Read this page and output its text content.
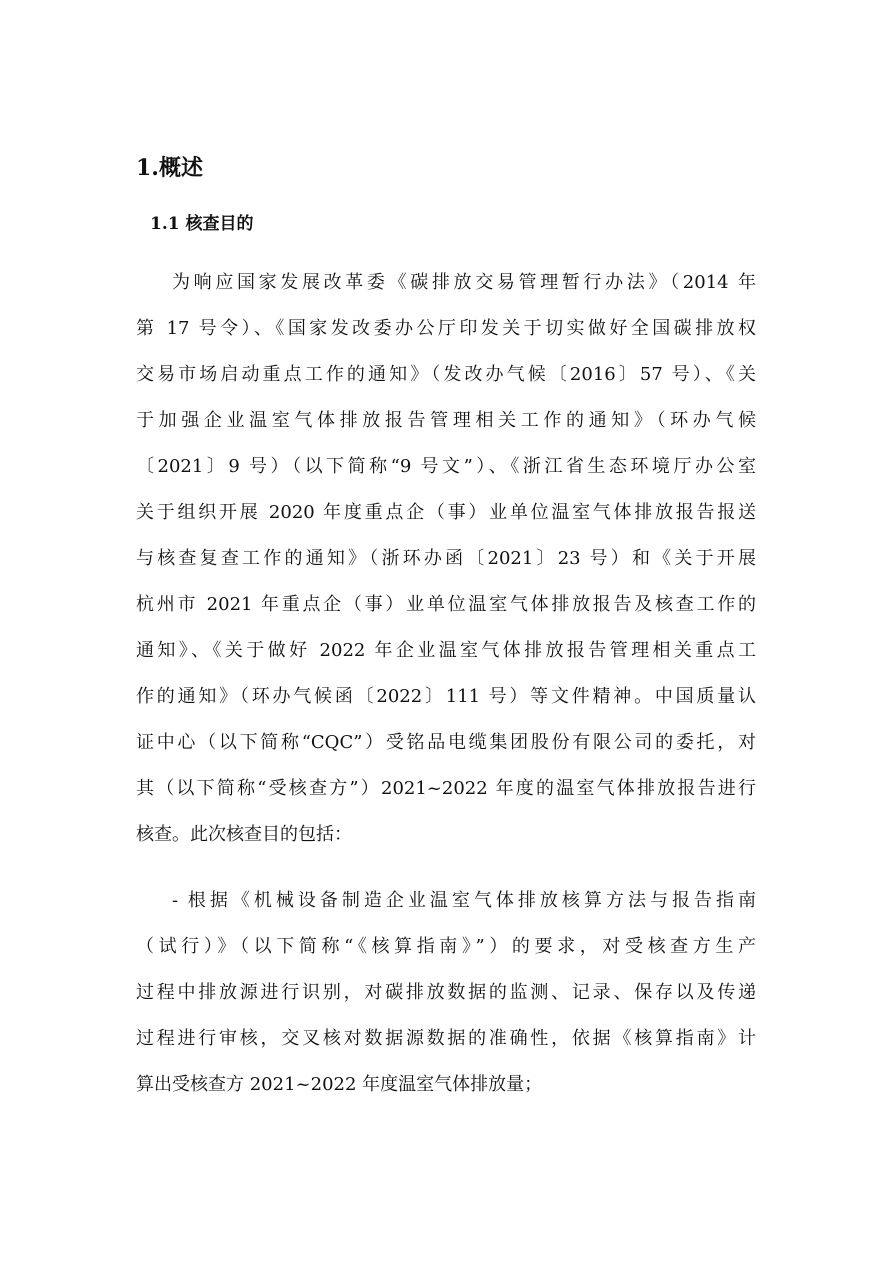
1.概述
1.1 核查目的
为响应国家发展改革委《碳排放交易管理暂行办法》（2014 年
第 17 号令）、《国家发改委办公厅印发关于切实做好全国碳排放权
交易市场启动重点工作的通知》（发改办气候〔2016〕57 号）、《关
于加强企业温室气体排放报告管理相关工作的通知》（环办气候
〔2021〕9 号）（以下简称“9 号文”）、《浙江省生态环境厅办公室
关于组织开展 2020 年度重点企（事）业单位温室气体排放报告报送
与核查复查工作的通知》（浙环办函〔2021〕23 号）和《关于开展
杭州市 2021 年重点企（事）业单位温室气体排放报告及核查工作的
通知》、《关于做好 2022 年企业温室气体排放报告管理相关重点工
作的通知》（环办气候函〔2022〕111 号）等文件精神。中国质量认
证中心（以下简称“CQC”）受铭品电缆集团股份有限公司的委托，对
其（以下简称“受核查方”）2021~2022 年度的温室气体排放报告进行
核查。此次核查目的包括：
- 根据《机械设备制造企业温室气体排放核算方法与报告指南
（试行）》（以下简称“《核算指南》”）的要求，对受核查方生产
过程中排放源进行识别，对碳排放数据的监测、记录、保存以及传递
过程进行审核，交叉核对数据源数据的准确性，依据《核算指南》计
算出受核查方 2021~2022 年度温室气体排放量；
